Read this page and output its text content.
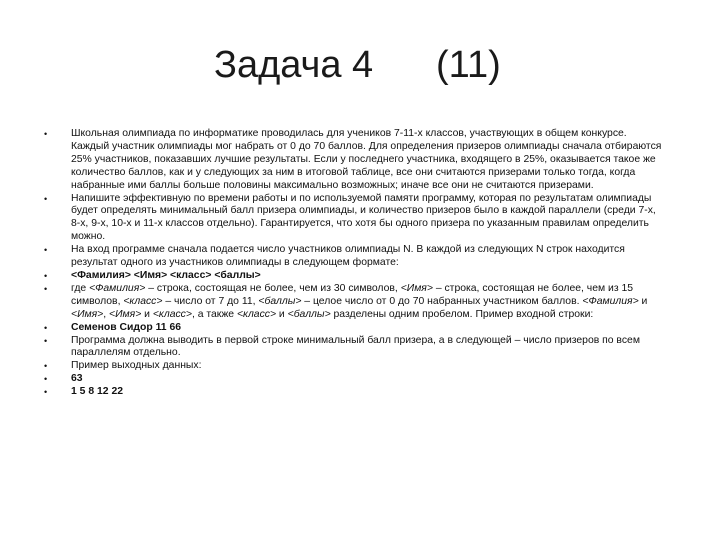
Задача 4 (11)
• Школьная олимпиада по информатике проводилась для учеников 7-11-х классов, участвующих в общем конкурсе. Каждый участник олимпиады мог набрать от 0 до 70 баллов. Для определения призеров олимпиады сначала отбираются 25% участников, показавших лучшие результаты. Если у последнего участника, входящего в 25%, оказывается такое же количество баллов, как и у следующих за ним в итоговой таблице, все они считаются призерами только тогда, когда набранные ими баллы больше половины максимально возможных; иначе все они не считаются призерами.
• Напишите эффективную по времени работы и по используемой памяти программу, которая по результатам олимпиады будет определять минимальный балл призера олимпиады, и количество призеров было в каждой параллели (среди 7-х, 8-х, 9-х, 10-х и 11-х классов отдельно). Гарантируется, что хотя бы одного призера по указанным правилам определить можно.
• На вход программе сначала подается число участников олимпиады N. В каждой из следующих N строк находится результат одного из участников олимпиады в следующем формате:
• <Фамилия> <Имя> <класс> <баллы>
• где <Фамилия> – строка, состоящая не более, чем из 30 символов, <Имя> – строка, состоящая не более, чем из 15 символов, <класс> – число от 7 до 11, <баллы> – целое число от 0 до 70 набранных участником баллов. <Фамилия> и <Имя>, <Имя> и <класс>, а также <класс> и <баллы> разделены одним пробелом. Пример входной строки:
• Семенов Сидор 11 66
• Программа должна выводить в первой строке минимальный балл призера, а в следующей – число призеров по всем параллелям отдельно.
• Пример выходных данных:
• 63
• 1 5 8 12 22
